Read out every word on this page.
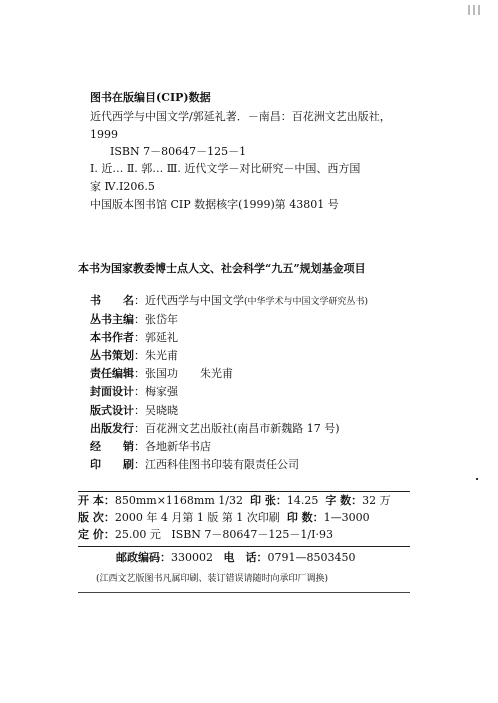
图书在版编目(CIP)数据
近代西学与中国文学/郭延礼著．－南昌：百花洲文艺出版社，
1999
ISBN 7－80647－125－1
Ⅰ. 近… Ⅱ. 郭… Ⅲ. 近代文学－对比研究－中国、西方国
家 Ⅳ.Ⅰ206.5
中国版本图书馆 CIP 数据核字(1999)第 43801 号
本书为国家教委博士点人文、社会科学“九五”规划基金项目
书　　名：近代西学与中国文学(中华学术与中国文学研究丛书)
丛书主编：张岱年
本书作者：郭延礼
丛书策划：朱光甫
责任编辑：张国功　　朱光甫
封面设计：梅家强
版式设计：吴晓晓
出版发行：百花洲文艺出版社(南昌市新魏路 17 号)
经　　销：各地新华书店
印　　刷：江西科佳图书印装有限责任公司
开 本：850mm×1168mm 1/32 印 张：14.25 字 数：32 万
版 次：2000 年 4 月第 1 版 第 1 次印刷 印 数：1—3000
定 价：25.00 元 ISBN 7－80647－125－1/Ⅰ·93
邮政编码：330002 电　话：0791—8503450
(江西文艺版图书凡属印刷、装订错误请随时向承印厂调换)
